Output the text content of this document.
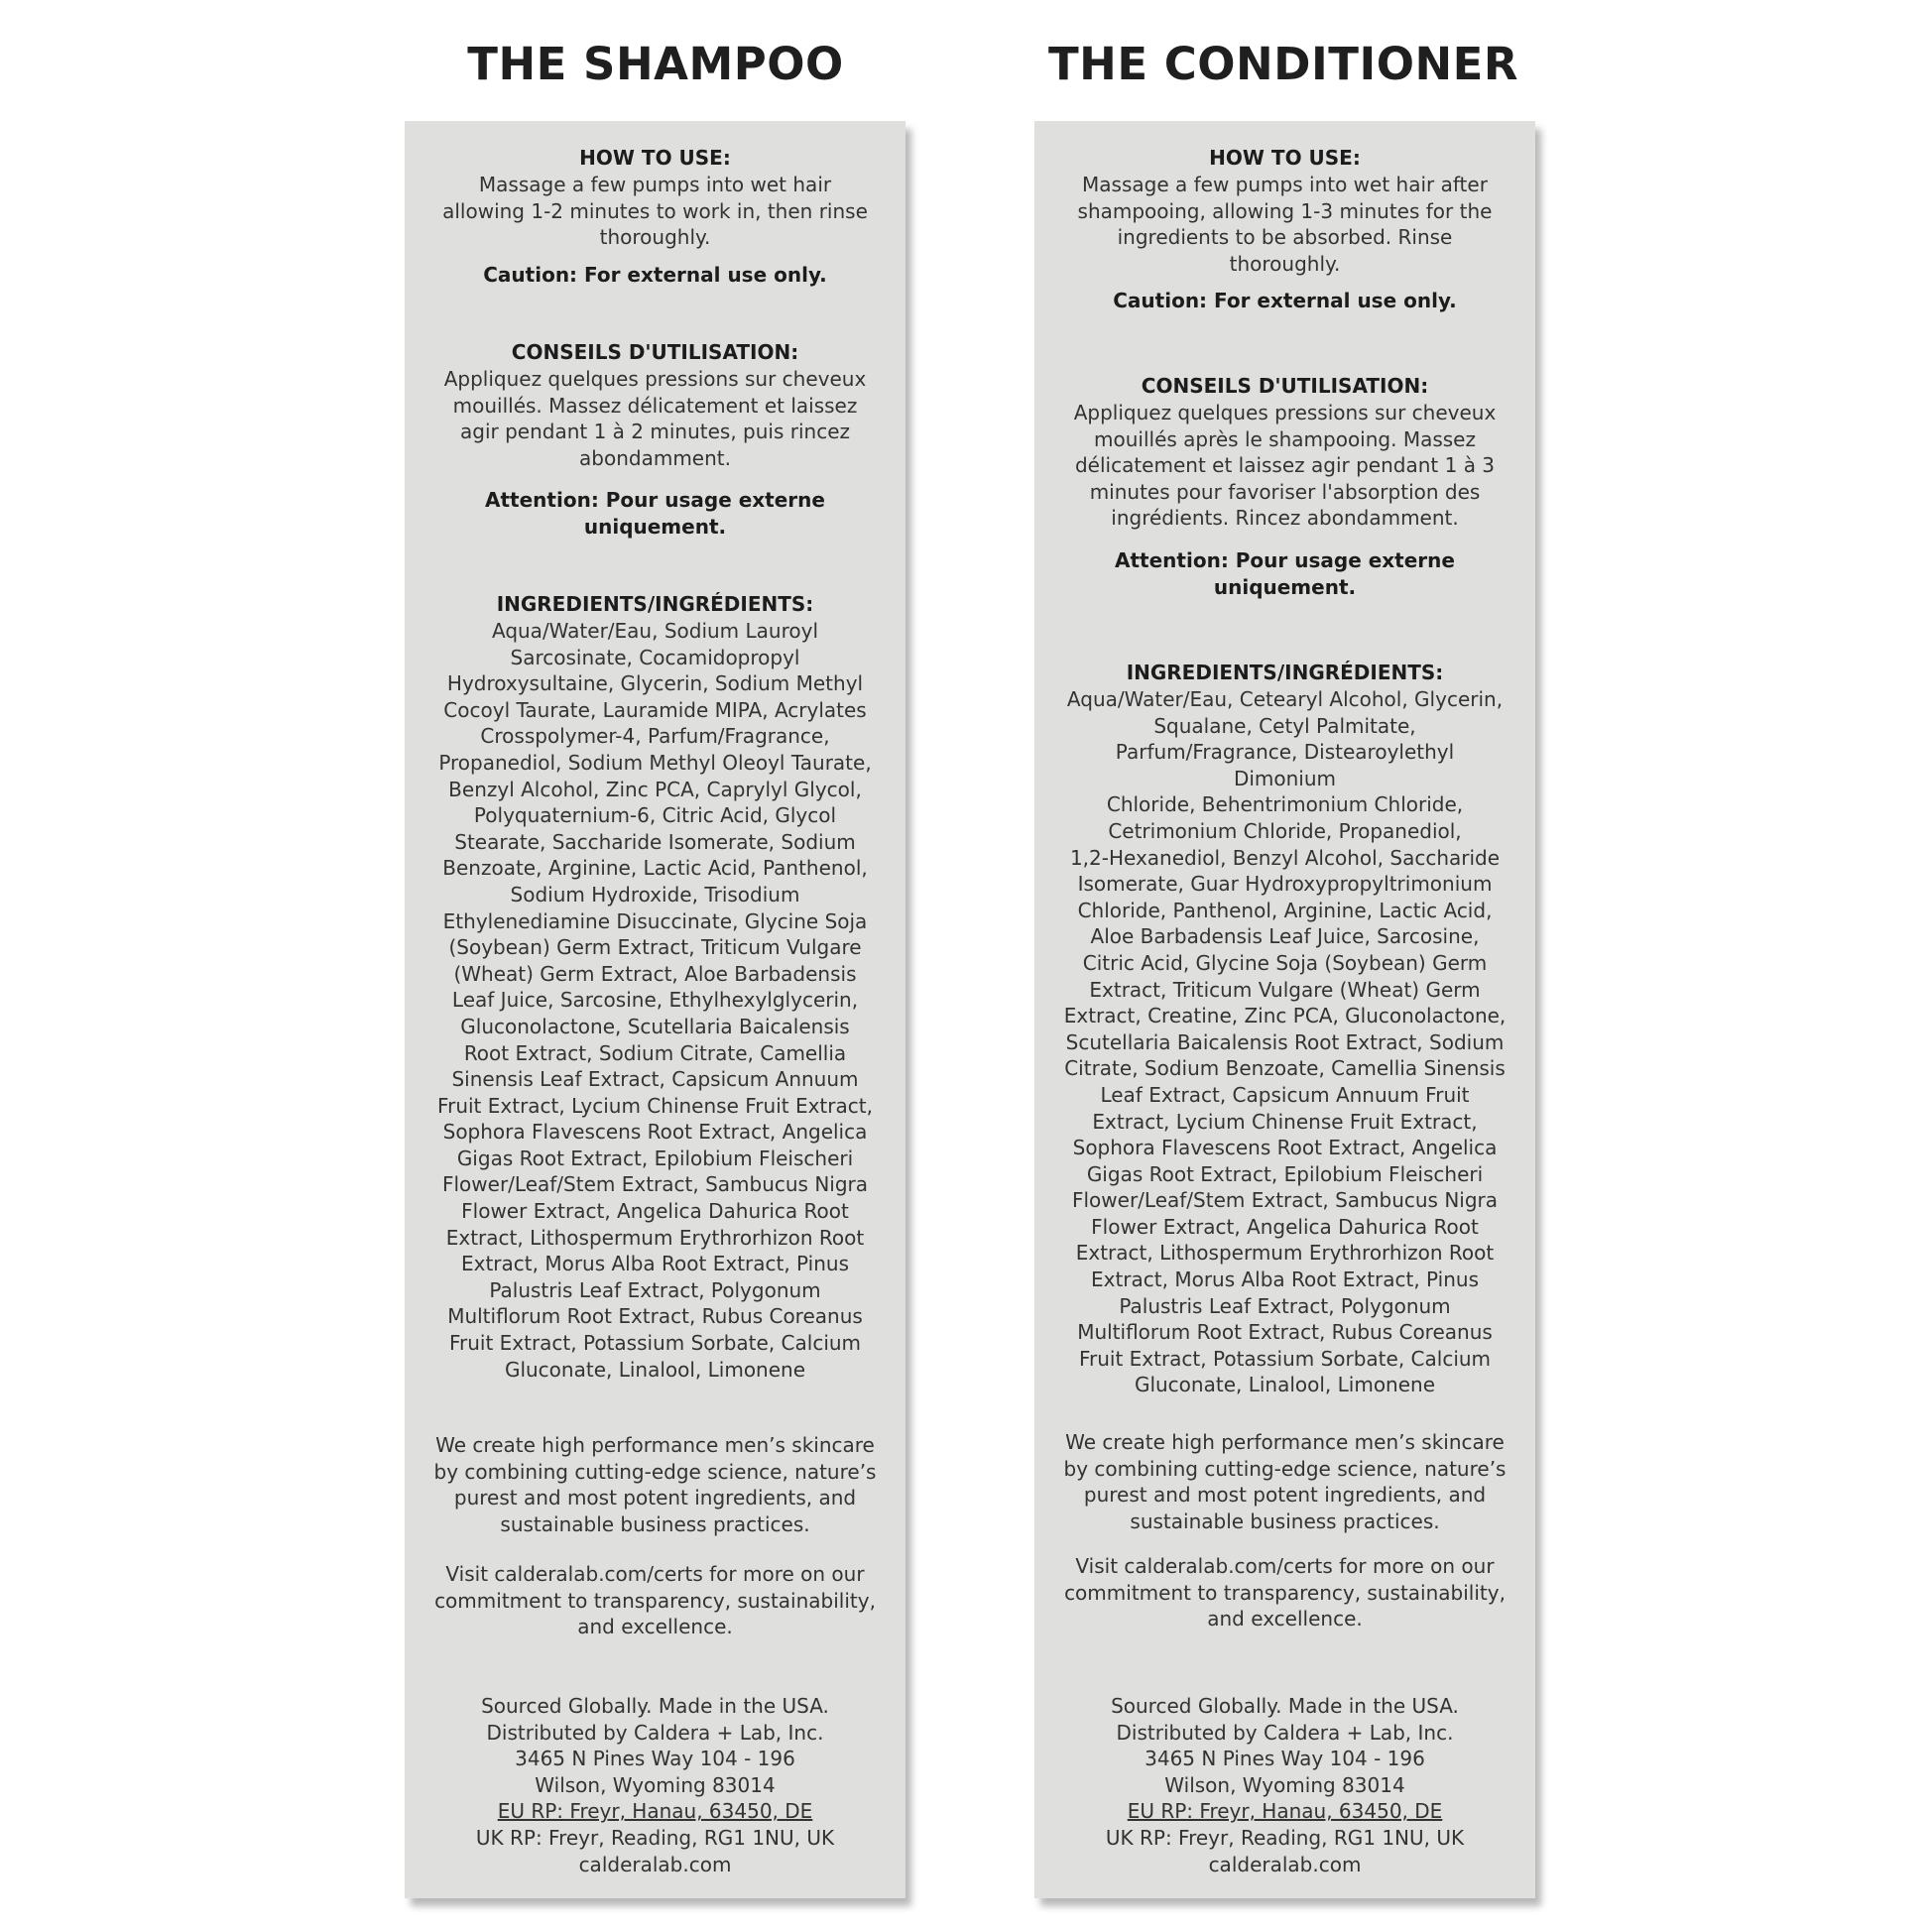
THE SHAMPOO	THE CONDITIONER
HOW TO USE:
Massage a few pumps into wet hair
allowing 1-2 minutes to work in, then rinse
thoroughly.
Caution: For external use only.
CONSEILS D'UTILISATION:
Appliquez quelques pressions sur cheveux
mouillés. Massez délicatement et laissez
agir pendant 1 à 2 minutes, puis rincez
abondamment.
Attention: Pour usage externe
uniquement.
INGREDIENTS/INGRÉDIENTS:
Aqua/Water/Eau, Sodium Lauroyl
Sarcosinate, Cocamidopropyl
Hydroxysultaine, Glycerin, Sodium Methyl
Cocoyl Taurate, Lauramide MIPA, Acrylates
Crosspolymer-4, Parfum/Fragrance,
Propanediol, Sodium Methyl Oleoyl Taurate,
Benzyl Alcohol, Zinc PCA, Caprylyl Glycol,
Polyquaternium-6, Citric Acid, Glycol
Stearate, Saccharide Isomerate, Sodium
Benzoate, Arginine, Lactic Acid, Panthenol,
Sodium Hydroxide, Trisodium
Ethylenediamine Disuccinate, Glycine Soja
(Soybean) Germ Extract, Triticum Vulgare
(Wheat) Germ Extract, Aloe Barbadensis
Leaf Juice, Sarcosine, Ethylhexylglycerin,
Gluconolactone, Scutellaria Baicalensis
Root Extract, Sodium Citrate, Camellia
Sinensis Leaf Extract, Capsicum Annuum
Fruit Extract, Lycium Chinense Fruit Extract,
Sophora Flavescens Root Extract, Angelica
Gigas Root Extract, Epilobium Fleischeri
Flower/Leaf/Stem Extract, Sambucus Nigra
Flower Extract, Angelica Dahurica Root
Extract, Lithospermum Erythrorhizon Root
Extract, Morus Alba Root Extract, Pinus
Palustris Leaf Extract, Polygonum
Multiflorum Root Extract, Rubus Coreanus
Fruit Extract, Potassium Sorbate, Calcium
Gluconate, Linalool, Limonene
We create high performance men’s skincare
by combining cutting-edge science, nature’s
purest and most potent ingredients, and
sustainable business practices.
Visit calderalab.com/certs for more on our
commitment to transparency, sustainability,
and excellence.
Sourced Globally. Made in the USA.
Distributed by Caldera + Lab, Inc.
3465 N Pines Way 104 - 196
Wilson, Wyoming 83014
EU RP: Freyr, Hanau, 63450, DE
UK RP: Freyr, Reading, RG1 1NU, UK
calderalab.com
HOW TO USE:
Massage a few pumps into wet hair after
shampooing, allowing 1-3 minutes for the
ingredients to be absorbed. Rinse
thoroughly.
Caution: For external use only.
CONSEILS D'UTILISATION:
Appliquez quelques pressions sur cheveux
mouillés après le shampooing. Massez
délicatement et laissez agir pendant 1 à 3
minutes pour favoriser l'absorption des
ingrédients. Rincez abondamment.
Attention: Pour usage externe
uniquement.
INGREDIENTS/INGRÉDIENTS:
Aqua/Water/Eau, Cetearyl Alcohol, Glycerin,
Squalane, Cetyl Palmitate,
Parfum/Fragrance, Distearoylethyl Dimonium
Chloride, Behentrimonium Chloride,
Cetrimonium Chloride, Propanediol,
1,2-Hexanediol, Benzyl Alcohol, Saccharide
Isomerate, Guar Hydroxypropyltrimonium
Chloride, Panthenol, Arginine, Lactic Acid,
Aloe Barbadensis Leaf Juice, Sarcosine,
Citric Acid, Glycine Soja (Soybean) Germ
Extract, Triticum Vulgare (Wheat) Germ
Extract, Creatine, Zinc PCA, Gluconolactone,
Scutellaria Baicalensis Root Extract, Sodium
Citrate, Sodium Benzoate, Camellia Sinensis
Leaf Extract, Capsicum Annuum Fruit
Extract, Lycium Chinense Fruit Extract,
Sophora Flavescens Root Extract, Angelica
Gigas Root Extract, Epilobium Fleischeri
Flower/Leaf/Stem Extract, Sambucus Nigra
Flower Extract, Angelica Dahurica Root
Extract, Lithospermum Erythrorhizon Root
Extract, Morus Alba Root Extract, Pinus
Palustris Leaf Extract, Polygonum
Multiflorum Root Extract, Rubus Coreanus
Fruit Extract, Potassium Sorbate, Calcium
Gluconate, Linalool, Limonene
We create high performance men’s skincare
by combining cutting-edge science, nature’s
purest and most potent ingredients, and
sustainable business practices.
Visit calderalab.com/certs for more on our
commitment to transparency, sustainability,
and excellence.
Sourced Globally. Made in the USA.
Distributed by Caldera + Lab, Inc.
3465 N Pines Way 104 - 196
Wilson, Wyoming 83014
EU RP: Freyr, Hanau, 63450, DE
UK RP: Freyr, Reading, RG1 1NU, UK
calderalab.com
